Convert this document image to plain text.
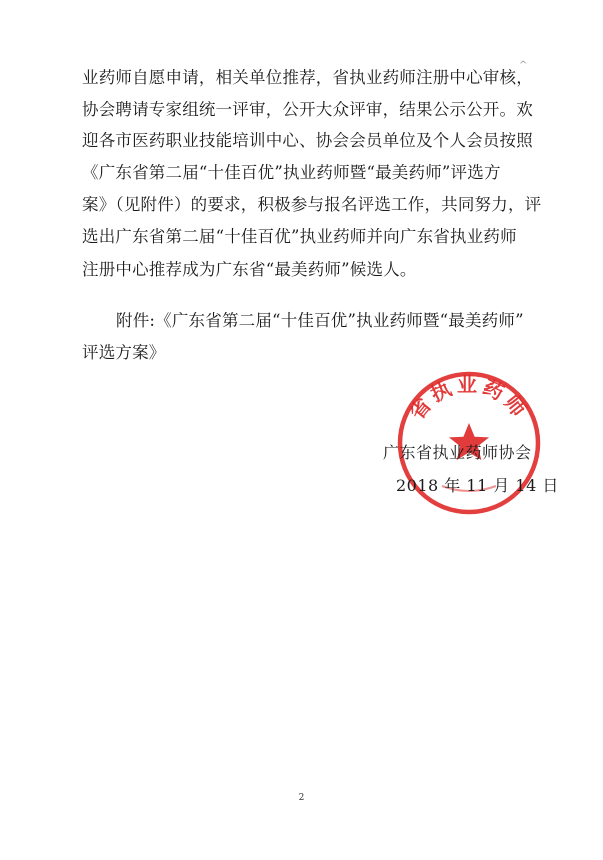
^
业药师自愿申请，相关单位推荐，省执业药师注册中心审核，
协会聘请专家组统一评审，公开大众评审，结果公示公开。欢
迎各市医药职业技能培训中心、协会会员单位及个人会员按照
《广东省第二届“十佳百优”执业药师暨“最美药师”评选方
案》（见附件）的要求，积极参与报名评选工作，共同努力，评
选出广东省第二届“十佳百优”执业药师并向广东省执业药师
注册中心推荐成为广东省“最美药师”候选人。
附件:《广东省第二届“十佳百优”执业药师暨“最美药师”
评选方案》
省执业药师
广东省执业药师协会
2018 年 11 月 14 日
2
